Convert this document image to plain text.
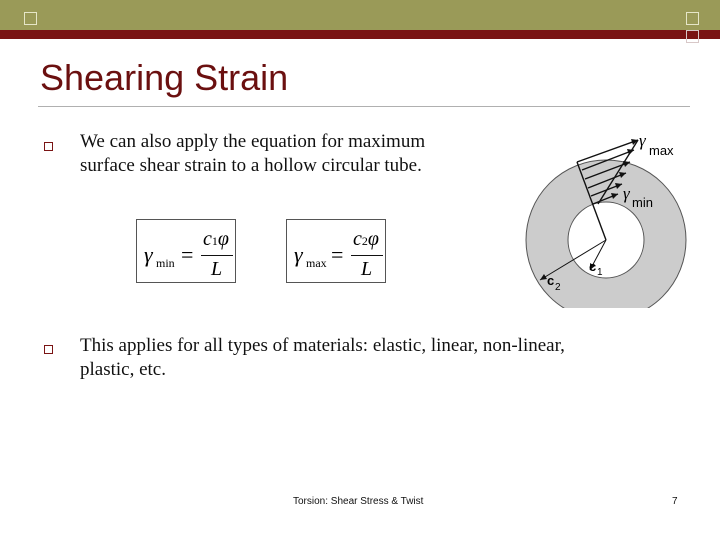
Shearing Strain
We can also apply the equation for maximum
surface shear strain to a hollow circular tube.
γ min =
c1φ
L
γ max =
c2φ
L
γ
max
γ min
c 1
c 2
This applies for all types of materials: elastic, linear, non-linear,
plastic, etc.
Torsion: Shear Stress & Twist	7
